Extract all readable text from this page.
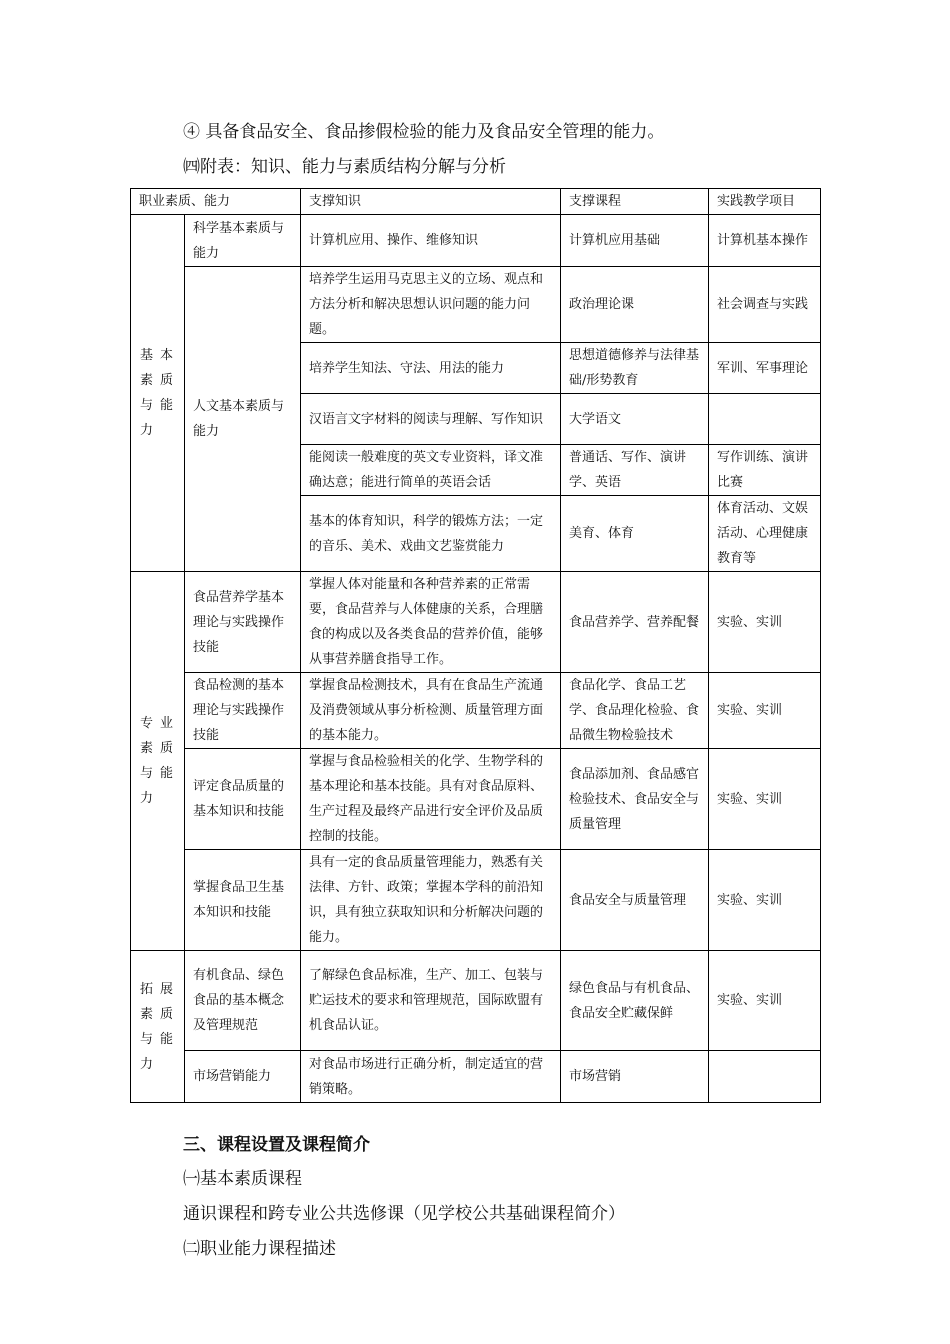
④ 具备食品安全、食品掺假检验的能力及食品安全管理的能力。
㈣附表：知识、能力与素质结构分解与分析
职业素质、能力		支撑知识	支撑课程	实践教学项目
基本素质与能力	科学基本素质与能力	计算机应用、操作、维修知识	计算机应用基础	计算机基本操作
	人文基本素质与能力	培养学生运用马克思主义的立场、观点和方法分析和解决思想认识问题的能力问题。	政治理论课	社会调查与实践
		培养学生知法、守法、用法的能力	思想道德修养与法律基础/形势教育	军训、军事理论
		汉语言文字材料的阅读与理解、写作知识	大学语文	
		能阅读一般难度的英文专业资料，译文准确达意；能进行简单的英语会话	普通话、写作、演讲学、英语	写作训练、演讲比赛
		基本的体育知识，科学的锻炼方法；一定的音乐、美术、戏曲文艺鉴赏能力	美育、体育	体育活动、文娱活动、心理健康教育等
专业素质与能力	食品营养学基本理论与实践操作技能	掌握人体对能量和各种营养素的正常需要，食品营养与人体健康的关系，合理膳食的构成以及各类食品的营养价值，能够从事营养膳食指导工作。	食品营养学、营养配餐	实验、实训
	食品检测的基本理论与实践操作技能	掌握食品检测技术，具有在食品生产流通及消费领域从事分析检测、质量管理方面的基本能力。	食品化学、食品工艺学、食品理化检验、食品微生物检验技术	实验、实训
	评定食品质量的基本知识和技能	掌握与食品检验相关的化学、生物学科的基本理论和基本技能。具有对食品原料、生产过程及最终产品进行安全评价及品质控制的技能。	食品添加剂、食品感官检验技术、食品安全与质量管理	实验、实训
	掌握食品卫生基本知识和技能	具有一定的食品质量管理能力，熟悉有关法律、方针、政策；掌握本学科的前沿知识，具有独立获取知识和分析解决问题的能力。	食品安全与质量管理	实验、实训
拓展素质与能力	有机食品、绿色食品的基本概念及管理规范	了解绿色食品标准，生产、加工、包装与贮运技术的要求和管理规范，国际欧盟有机食品认证。	绿色食品与有机食品、食品安全贮藏保鲜	实验、实训
	市场营销能力	对食品市场进行正确分析，制定适宜的营销策略。	市场营销	
三、课程设置及课程简介
㈠基本素质课程
通识课程和跨专业公共选修课（见学校公共基础课程简介）
㈡职业能力课程描述
